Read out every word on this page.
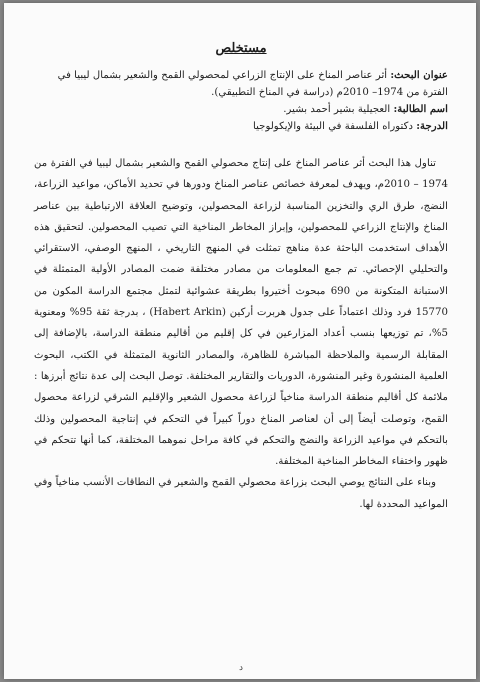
مستخلص
عنوان البحث: أثر عناصر المناخ على الإنتاج الزراعي لمحصولي القمح والشعير بشمال ليبيا في الفترة من 1974– 2010م (دراسة في المناخ التطبيقي).
اسم الطالبة: العجيلية بشير أحمد بشير.
الدرجة: دكتوراه الفلسفة في البيئة والإيكولوجيا

تناول هذا البحث أثر عناصر المناخ على إنتاج محصولي القمح والشعير بشمال ليبيا في الفترة من 1974 – 2010م، ويهدف لمعرفة خصائص عناصر المناخ ودورها في تحديد الأماكن، مواعيد الزراعة، النضج، طرق الري والتخزين المناسبة لزراعة المحصولين، وتوضيح العلاقة الارتباطية بين عناصر المناخ والإنتاج الزراعي للمحصولين، وإبراز المخاطر المناخية التي تصيب المحصولين. لتحقيق هذه الأهداف استخدمت الباحثة عدة مناهج تمثلت في المنهج التاريخي ، المنهج الوصفي، الاستقرائي والتحليلي الإحصائي. تم جمع المعلومات من مصادر مختلفة ضمت المصادر الأولية المتمثلة في الاستبانة المتكونة من 690 مبحوث أختيروا بطريقة عشوائية لتمثل مجتمع الدراسة المكون من 15770 فرد وذلك اعتماداً على جدول هربرت أركين (Habert Arkin) ، بدرجة ثقة 95% ومعنوية 5%، تم توزيعها بنسب أعداد المزارعين في كل إقليم من أقاليم منطقة الدراسة، بالإضافة إلى المقابلة الرسمية والملاحظة المباشرة للظاهرة، والمصادر الثانوية المتمثلة في الكتب، البحوث العلمية المنشورة وغير المنشورة، الدوريات والتقارير المختلفة. توصل البحث إلى عدة نتائج أبرزها : ملائمة كل أقاليم منطقة الدراسة مناخياً لزراعة محصول الشعير والإقليم الشرقي لزراعة محصول القمح، وتوصلت أيضاً إلى أن لعناصر المناخ دوراً كبيراً في التحكم في إنتاجية المحصولين وذلك بالتحكم في مواعيد الزراعة والنضج والتحكم في كافة مراحل نموهما المختلفة، كما أنها تتحكم في ظهور واختفاء المخاطر المناخية المختلفة.

وبناء على النتائج يوصي البحث بزراعة محصولي القمح والشعير في النطاقات الأنسب مناخياً وفي المواعيد المحددة لها.

د
